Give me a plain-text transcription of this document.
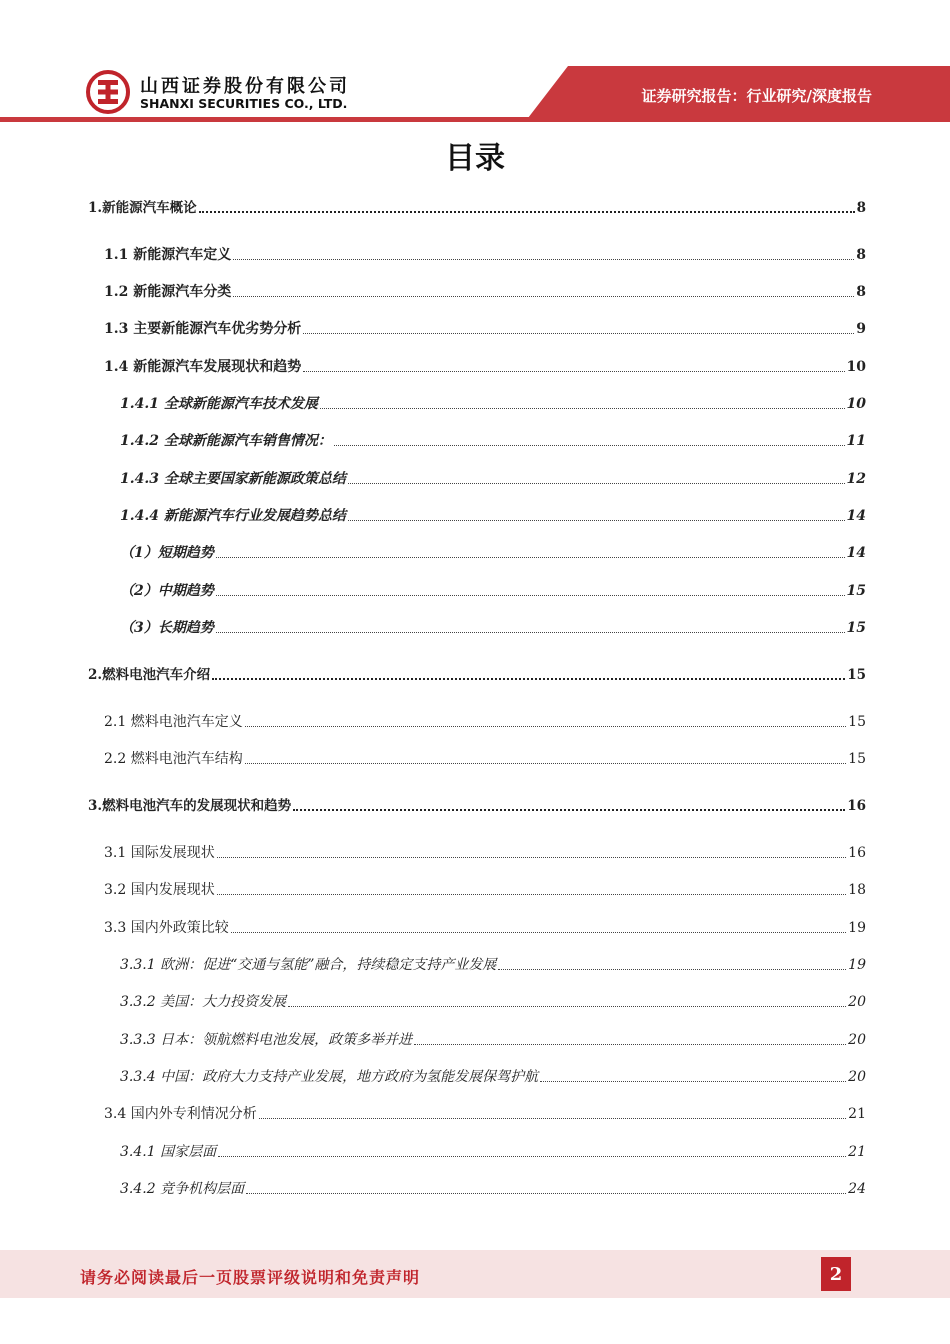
山西证券股份有限公司
SHANXI SECURITIES CO., LTD.	证券研究报告：行业研究/深度报告
目录
1.新能源汽车概论	8
1.1 新能源汽车定义	8
1.2 新能源汽车分类	8
1.3 主要新能源汽车优劣势分析	9
1.4 新能源汽车发展现状和趋势	10
1.4.1 全球新能源汽车技术发展	10
1.4.2 全球新能源汽车销售情况：	11
1.4.3 全球主要国家新能源政策总结	12
1.4.4 新能源汽车行业发展趋势总结	14
（1）短期趋势	14
（2）中期趋势	15
（3）长期趋势	15
2.燃料电池汽车介绍	15
2.1 燃料电池汽车定义	15
2.2 燃料电池汽车结构	15
3.燃料电池汽车的发展现状和趋势	16
3.1 国际发展现状	16
3.2 国内发展现状	18
3.3 国内外政策比较	19
3.3.1 欧洲：促进“交通与氢能”融合，持续稳定支持产业发展	19
3.3.2 美国：大力投资发展	20
3.3.3 日本：领航燃料电池发展，政策多举并进	20
3.3.4 中国：政府大力支持产业发展，地方政府为氢能发展保驾护航	20
3.4 国内外专利情况分析	21
3.4.1 国家层面	21
3.4.2 竞争机构层面	24
请务必阅读最后一页股票评级说明和免责声明	2
